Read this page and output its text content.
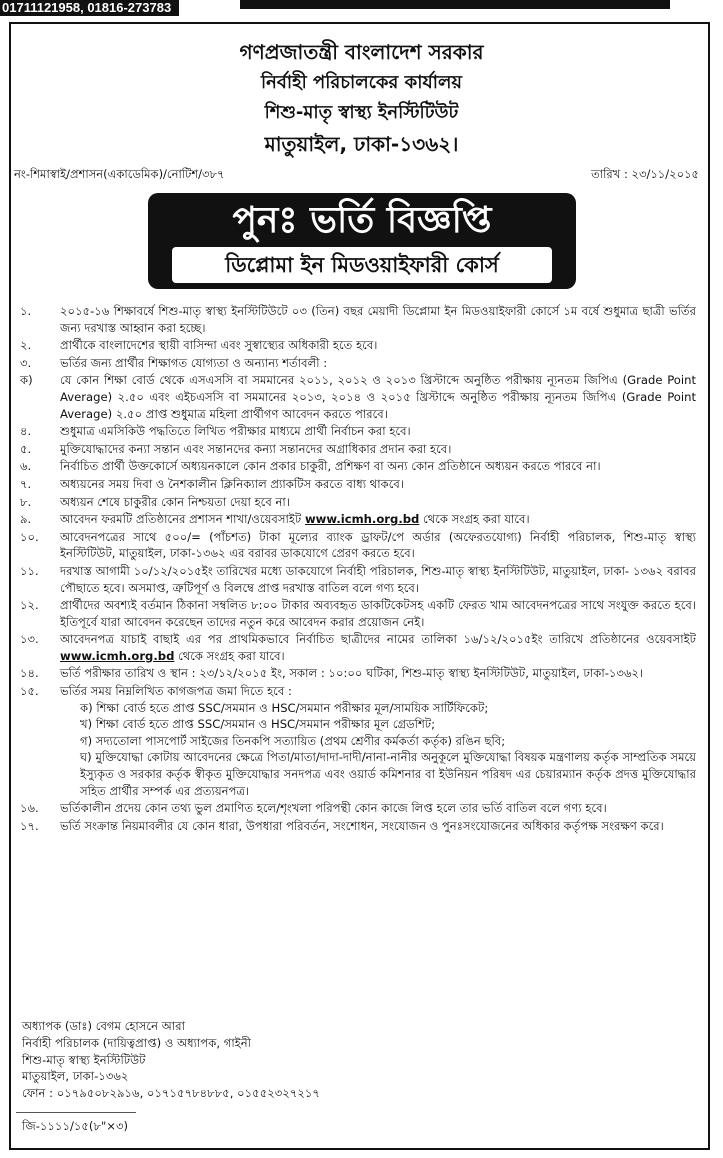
01711121958, 01816-273783
গণপ্রজাতন্ত্রী বাংলাদেশ সরকার
নির্বাহী পরিচালকের কার্যালয়
শিশু-মাতৃ স্বাস্থ্য ইনস্টিটিউট
মাতুয়াইল, ঢাকা-১৩৬২।
নং-শিমাস্বাই/প্রশাসন(একাডেমিক)/নোটিশ/৩৮৭	তারিখ : ২৩/১১/২০১৫
পুনঃ ভর্তি বিজ্ঞপ্তি
ডিপ্লোমা ইন মিডওয়াইফারী কোর্স
১.	২০১৫-১৬ শিক্ষাবর্ষে শিশু-মাতৃ স্বাস্থ্য ইনস্টিটিউটে ০৩ (তিন) বছর মেয়াদী ডিপ্লোমা ইন মিডওয়াইফারী কোর্সে ১ম বর্ষে শুধুমাত্র ছাত্রী ভর্তির জন্য দরখাস্ত আহ্বান করা হচ্ছে।
২.	প্রার্থীকে বাংলাদেশের স্থায়ী বাসিন্দা এবং সুস্বাস্থ্যের অধিকারী হতে হবে।
৩.	ভর্তির জন্য প্রার্থীর শিক্ষাগত যোগ্যতা ও অন্যান্য শর্তাবলী :
ক)	যে কোন শিক্ষা বোর্ড থেকে এসএসসি বা সমমানের ২০১১, ২০১২ ও ২০১৩ খ্রিস্টাব্দে অনুষ্ঠিত পরীক্ষায় ন্যূনতম জিপিএ (Grade Point Average) ২.৫০ এবং এইচএসসি বা সমমানের ২০১৩, ২০১৪ ও ২০১৫ খ্রিস্টাব্দে অনুষ্ঠিত পরীক্ষায় ন্যূনতম জিপিএ (Grade Point Average) ২.৫০ প্রাপ্ত শুধুমাত্র মহিলা প্রার্থীগণ আবেদন করতে পারবে।
৪.	শুধুমাত্র এমসিকিউ পদ্ধতিতে লিখিত পরীক্ষার মাধ্যমে প্রার্থী নির্বাচন করা হবে।
৫.	মুক্তিযোদ্ধাদের কন্যা সন্তান এবং সন্তানদের কন্যা সন্তানদের অগ্রাধিকার প্রদান করা হবে।
৬.	নির্বাচিত প্রার্থী উক্তকোর্সে অধ্যয়নকালে কোন প্রকার চাকুরী, প্রশিক্ষণ বা অন্য কোন প্রতিষ্ঠানে অধ্যয়ন করতে পারবে না।
৭.	অধ্যয়নের সময় দিবা ও নৈশকালীন ক্লিনিক্যাল প্র্যাকটিস করতে বাধ্য থাকবে।
৮.	অধ্যয়ন শেষে চাকুরীর কোন নিশ্চয়তা দেয়া হবে না।
৯.	আবেদন ফরমটি প্রতিষ্ঠানের প্রশাসন শাখা/ওয়েবসাইট www.icmh.org.bd থেকে সংগ্রহ করা যাবে।
১০.	আবেদনপত্রের সাথে ৫০০/= (পাঁচশত) টাকা মূল্যের ব্যাংক ড্রাফট/পে অর্ডার (অফেরতযোগ্য) নির্বাহী পরিচালক, শিশু-মাতৃ স্বাস্থ্য ইনস্টিটিউট, মাতুয়াইল, ঢাকা-১৩৬২ এর বরাবর ডাকযোগে প্রেরণ করতে হবে।
১১.	দরখাস্ত আগামী ১০/১২/২০১৫ইং তারিখের মধ্যে ডাকযোগে নির্বাহী পরিচালক, শিশু-মাতৃ স্বাস্থ্য ইনস্টিটিউট, মাতুয়াইল, ঢাকা- ১৩৬২ বরাবর পৌছাতে হবে। অসমাপ্ত, ত্রুটিপূর্ণ ও বিলম্বে প্রাপ্ত দরখাস্ত বাতিল বলে গণ্য হবে।
১২.	প্রার্থীদের অবশ্যই বর্তমান ঠিকানা সম্বলিত ৮:০০ টাকার অব্যবহৃত ডাকটিকেটসহ একটি ফেরত খাম আবেদনপত্রের সাথে সংযুক্ত করতে হবে। ইতিপূর্বে যারা আবেদন করেছেন তাদের নতুন করে আবেদন করার প্রয়োজন নেই।
১৩.	আবেদনপত্র যাচাই বাছাই এর পর প্রাথমিকভাবে নির্বাচিত ছাত্রীদের নামের তালিকা ১৬/১২/২০১৫ইং তারিখে প্রতিষ্ঠানের ওয়েবসাইট www.icmh.org.bd থেকে সংগ্রহ করা যাবে।
১৪.	ভর্তি পরীক্ষার তারিখ ও স্থান : ২৩/১২/২০১৫ ইং, সকাল : ১০:০০ ঘটিকা, শিশু-মাতৃ স্বাস্থ্য ইনস্টিটিউট, মাতুয়াইল, ঢাকা-১৩৬২।
১৫.	ভর্তির সময় নিম্নলিখিত কাগজপত্র জমা দিতে হবে :
ক) শিক্ষা বোর্ড হতে প্রাপ্ত SSC/সমমান ও HSC/সমমান পরীক্ষার মূল/সাময়িক সার্টিফিকেট;
খ) শিক্ষা বোর্ড হতে প্রাপ্ত SSC/সমমান ও HSC/সমমান পরীক্ষার মূল গ্রেডশিট;
গ) সদ্যতোলা পাসপোর্ট সাইজের তিনকপি সত্যায়িত (প্রথম শ্রেণীর কর্মকর্তা কর্তৃক) রঙিন ছবি;
ঘ) মুক্তিযোদ্ধা কোটায় আবেদনের ক্ষেত্রে পিতা/মাতা/দাদা-দাদী/নানা-নানীর অনুকূলে মুক্তিযোদ্ধা বিষয়ক মন্ত্রণালয় কর্তৃক সাম্প্রতিক সময়ে ইস্যুকৃত ও সরকার কর্তৃক স্বীকৃত মুক্তিযোদ্ধার সনদপত্র এবং ওয়ার্ড কমিশনার বা ইউনিয়ন পরিষদ এর চেয়ারম্যান কর্তৃক প্রদত্ত মুক্তিযোদ্ধার সহিত প্রার্থীর সম্পর্ক এর প্রত্যয়নপত্র।
১৬.	ভর্তিকালীন প্রদেয় কোন তথ্য ভুল প্রমাণিত হলে/শৃংখলা পরিপন্থী কোন কাজে লিপ্ত হলে তার ভর্তি বাতিল বলে গণ্য হবে।
১৭.	ভর্তি সংক্রান্ত নিয়মাবলীর যে কোন ধারা, উপধারা পরিবর্তন, সংশোধন, সংযোজন ও পুনঃসংযোজনের অধিকার কর্তৃপক্ষ সংরক্ষণ করে।
অধ্যাপক (ডাঃ) বেগম হোসনে আরা
নির্বাহী পরিচালক (দায়িত্বপ্রাপ্ত) ও অধ্যাপক, গাইনী
শিশু-মাতৃ স্বাস্থ্য ইনস্টিটিউট
মাতুয়াইল, ঢাকা-১৩৬২
ফোন : ০১৭৯৫০৮২৯১৬, ০১৭১৫৭৮৪৮৮৫, ০১৫৫২৩২৭২১৭
জি-১১১১/১৫(৮"×৩)
